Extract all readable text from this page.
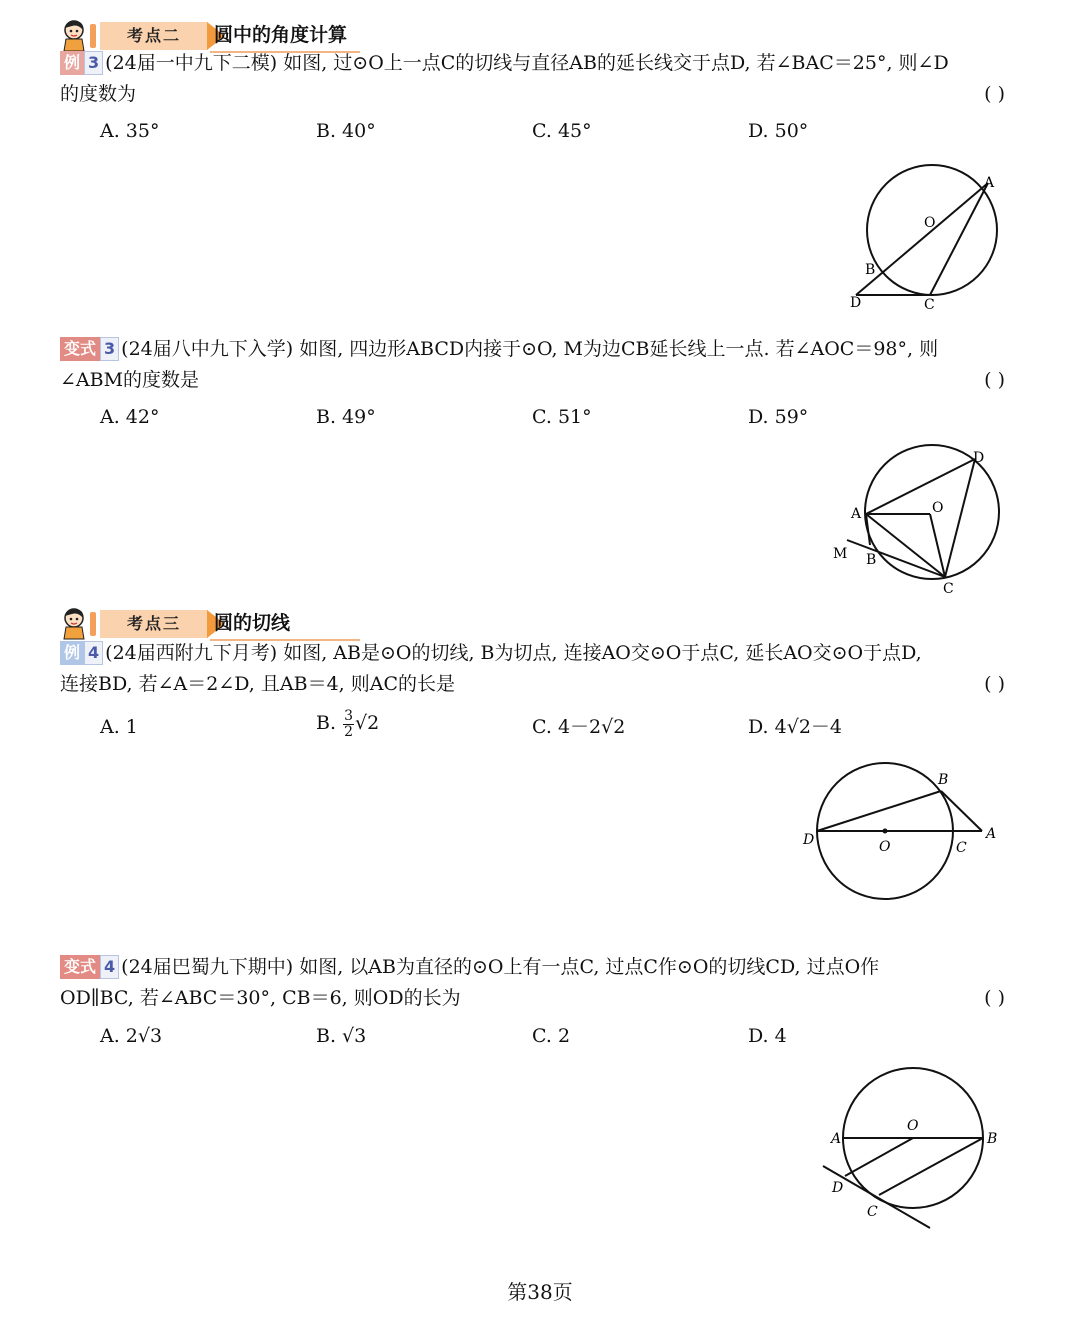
考点二	圆中的角度计算
例 3 (24届一中九下二模) 如图, 过⊙O上一点C的切线与直径AB的延长线交于点D, 若∠BAC＝25°, 则∠D
的度数为	( )
A. 35°	B. 40°	C. 45°	D. 50°
A
O
B
D	C
变式 3 (24届八中九下入学) 如图, 四边形ABCD内接于⊙O, M为边CB延长线上一点. 若∠AOC＝98°, 则
∠ABM的度数是	( )
A. 42°	B. 49°	C. 51°	D. 59°
D
A	O
M B
C
考点三	圆的切线
例 4 (24届西附九下月考) 如图, AB是⊙O的切线, B为切点, 连接AO交⊙O于点C, 延长AO交⊙O于点D,
连接BD, 若∠A＝2∠D, 且AB＝4, 则AC的长是	( )
A. 1	B. $\frac{3}{2} √2$	C. 4－2√2	D. 4√2－4
B
D	O	C
A
变式 4 (24届巴蜀九下期中) 如图, 以AB为直径的⊙O上有一点C, 过点C作⊙O的切线CD, 过点O作
OD∥BC, 若∠ABC＝30°, CB＝6, 则OD的长为	( )
A. 2√3	B. √3	C. 2	D. 4
O
A	B
D
C
第38页
